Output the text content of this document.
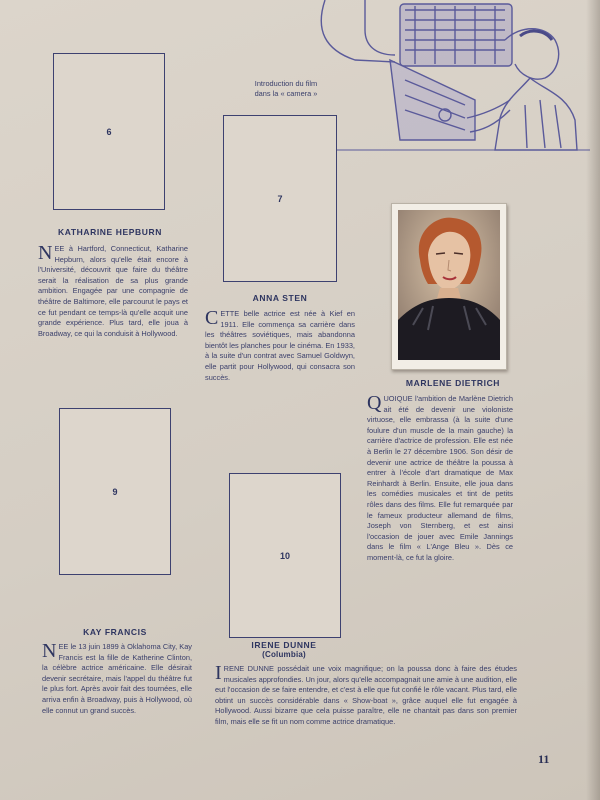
Introduction du film
dans la « camera »
6
KATHARINE HEPBURN

NEE à Hartford, Connecticut, Katharine Hepburn, alors qu'elle était encore à l'Université, découvrit que faire du théâtre serait la réalisation de sa plus grande ambition. Engagée par une compagnie de théâtre de Baltimore, elle parcourut le pays et ce fut pendant ce temps-là qu'elle acquit une grande expérience. Plus tard, elle joua à Broadway, ce qui la conduisit à Hollywood.

7
ANNA STEN

CETTE belle actrice est née à Kief en 1911. Elle commença sa carrière dans les théâtres soviétiques, mais abandonna bientôt les planches pour le cinéma. En 1933, à la suite d'un contrat avec Samuel Goldwyn, elle partit pour Hollywood, qui consacra son succès.

MARLENE DIETRICH

QUOIQUE l'ambition de Marlène Dietrich ait été de devenir une violoniste virtuose, elle embrassa (à la suite d'une foulure d'un muscle de la main gauche) la carrière d'actrice de profession. Elle est née à Berlin le 27 décembre 1906. Son désir de devenir une actrice de théâtre la poussa à entrer à l'école d'art dramatique de Max Reinhardt à Berlin. Ensuite, elle joua dans les comédies musicales et tint de petits rôles dans des films. Elle fut remarquée par le fameux producteur allemand de films, Joseph von Sternberg, et est ainsi l'occasion de jouer avec Emile Jannings dans le film « L'Ange Bleu ». Dès ce moment-là, ce fut la gloire.

9
KAY FRANCIS

NEE le 13 juin 1899 à Oklahoma City, Kay Francis est la fille de Katherine Clinton, la célèbre actrice américaine. Elle désirait devenir secrétaire, mais l'appel du théâtre fut le plus fort. Après avoir fait des tournées, elle arriva enfin à Broadway, puis à Hollywood, où elle connut un grand succès.

10
IRENE DUNNE
(Columbia)

IRENE DUNNE possédait une voix magnifique; on la poussa donc à faire des études musicales approfondies. Un jour, alors qu'elle accompagnait une amie à une audition, elle eut l'occasion de se faire entendre, et c'est à elle que fut confié le rôle vacant. Plus tard, elle obtint un succès considérable dans « Show-boat », grâce auquel elle fut engagée à Hollywood. Aussi bizarre que cela puisse paraître, elle ne chantait pas dans son premier film, mais elle se fit un nom comme actrice dramatique.

11
